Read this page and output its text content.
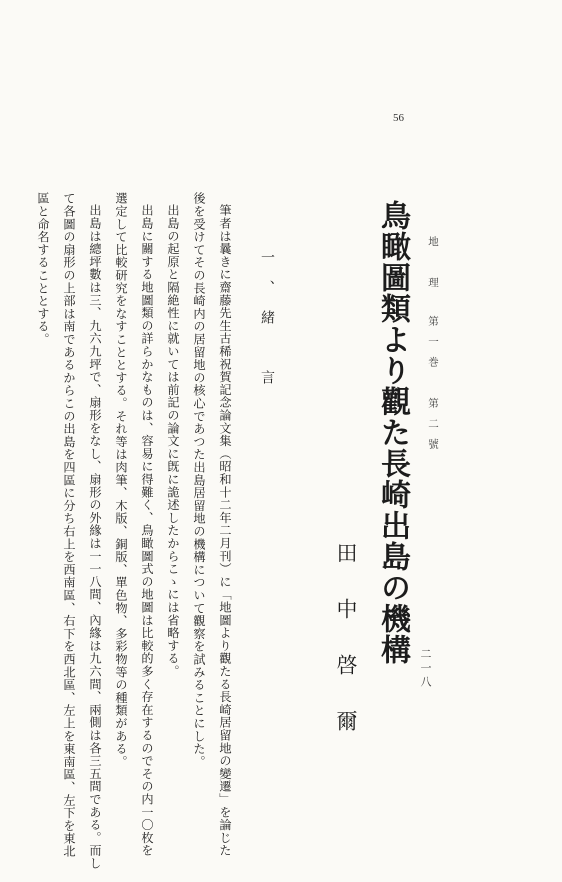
56
地　理第一巻　第二號
鳥瞰圖類より觀た長崎出島の機構
田中啓爾	二一八
一、緒　言
筆者は曩きに齋藤先生古稀祝賀記念論文集（昭和十二年二月刊）に「地圖より觀たる長崎居留地の變遷」を論じた
後を受けてその長崎内の居留地の核心であつた出島居留地の機構について觀察を試みることにした。
出島の起原と隔絶性に就いては前記の論文に旣に詭述したからこゝには省略する。
出島に關する地圖類の詳らかなものは、容易に得難く、鳥瞰圖式の地圖は比較的多く存在するのでその内一〇枚を
選定して比較研究をなすこととする。それ等は肉筆、木版、銅版、單色物、多彩物等の種類がある。
出島は總坪數は三、九六九坪で、扇形をなし、扇形の外緣は一一八間、內緣は九六間、兩側は各三五間である。而し
て各圖の扇形の上部は南であるからこの出島を四區に分ち右上を西南區、右下を西北區、左上を東南區、左下を東北
區と命名することとする。
